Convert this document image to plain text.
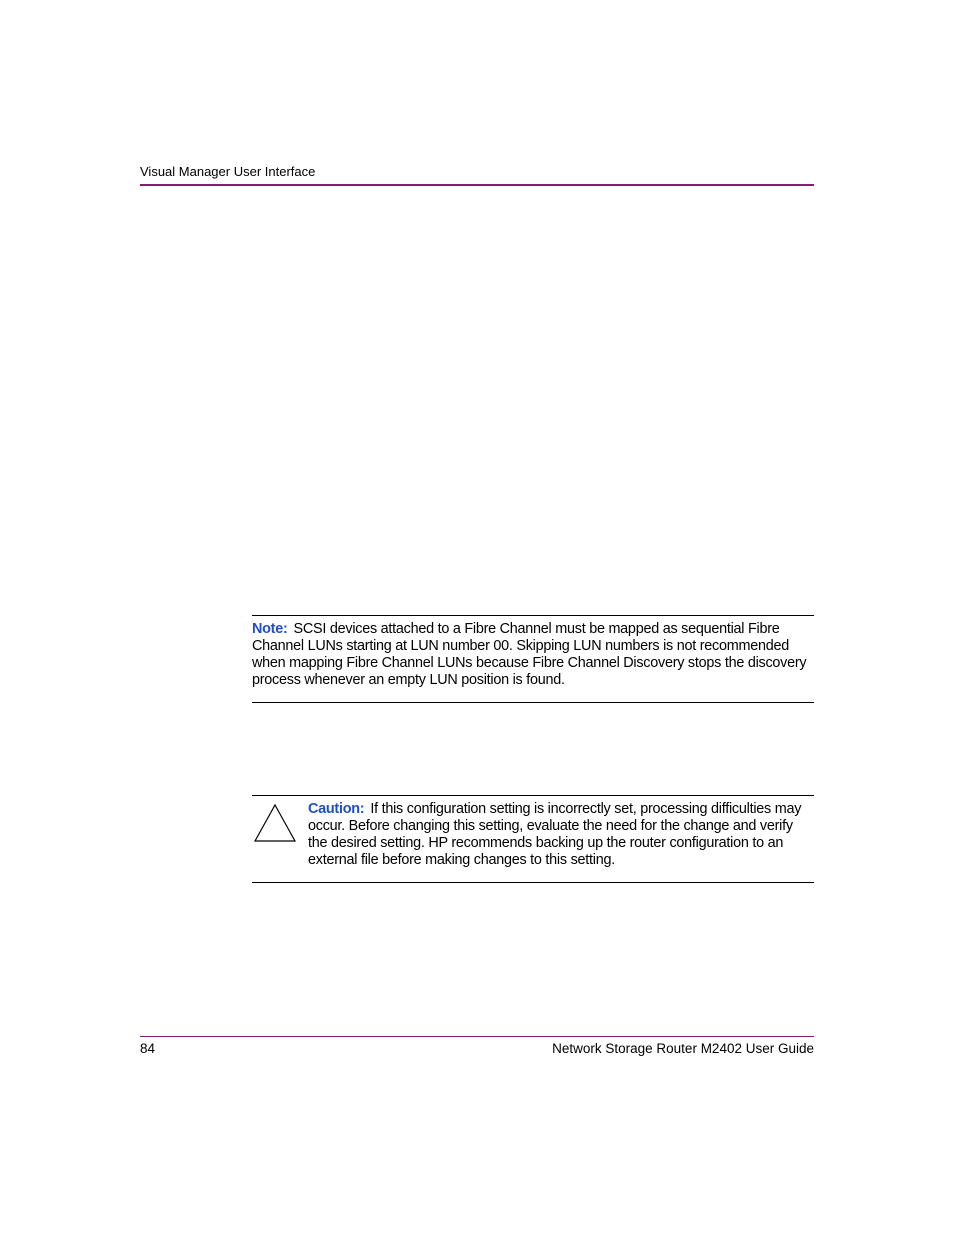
Visual Manager User Interface
Note: SCSI devices attached to a Fibre Channel must be mapped as sequential Fibre Channel LUNs starting at LUN number 00. Skipping LUN numbers is not recommended when mapping Fibre Channel LUNs because Fibre Channel Discovery stops the discovery process whenever an empty LUN position is found.
Caution: If this configuration setting is incorrectly set, processing difficulties may occur. Before changing this setting, evaluate the need for the change and verify the desired setting. HP recommends backing up the router configuration to an external file before making changes to this setting.
84	Network Storage Router M2402 User Guide
